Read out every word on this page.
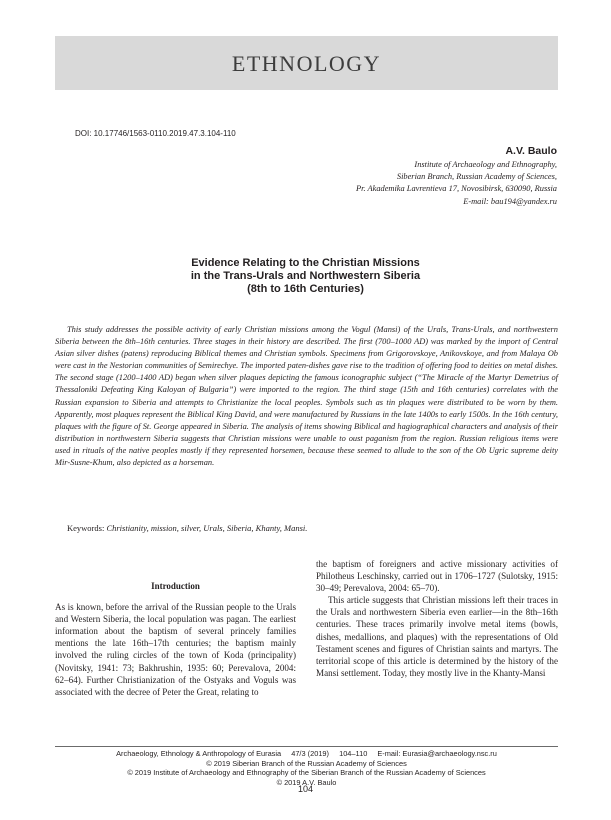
ETHNOLOGY
DOI: 10.17746/1563-0110.2019.47.3.104-110
A.V. Baulo
Institute of Archaeology and Ethnography,
Siberian Branch, Russian Academy of Sciences,
Pr. Akademika Lavrentieva 17, Novosibirsk, 630090, Russia
E-mail: bau194@yandex.ru
Evidence Relating to the Christian Missions
in the Trans-Urals and Northwestern Siberia
(8th to 16th Centuries)
This study addresses the possible activity of early Christian missions among the Vogul (Mansi) of the Urals, Trans-Urals, and northwestern Siberia between the 8th–16th centuries. Three stages in their history are described. The first (700–1000 AD) was marked by the import of Central Asian silver dishes (patens) reproducing Biblical themes and Christian symbols. Specimens from Grigorovskoye, Anikovskoye, and from Malaya Ob were cast in the Nestorian communities of Semirechye. The imported paten-dishes gave rise to the tradition of offering food to deities on metal dishes. The second stage (1200–1400 AD) began when silver plaques depicting the famous iconographic subject (“The Miracle of the Martyr Demetrius of Thessaloniki Defeating King Kaloyan of Bulgaria”) were imported to the region. The third stage (15th and 16th centuries) correlates with the Russian expansion to Siberia and attempts to Christianize the local peoples. Symbols such as tin plaques were distributed to be worn by them. Apparently, most plaques represent the Biblical King David, and were manufactured by Russians in the late 1400s to early 1500s. In the 16th century, plaques with the figure of St. George appeared in Siberia. The analysis of items showing Biblical and hagiographical characters and analysis of their distribution in northwestern Siberia suggests that Christian missions were unable to oust paganism from the region. Russian religious items were used in rituals of the native peoples mostly if they represented horsemen, because these seemed to allude to the son of the Ob Ugric supreme deity Mir-Susne-Khum, also depicted as a horseman.
Keywords: Christianity, mission, silver, Urals, Siberia, Khanty, Mansi.
Introduction
As is known, before the arrival of the Russian people to the Urals and Western Siberia, the local population was pagan. The earliest information about the baptism of several princely families mentions the late 16th–17th centuries; the baptism mainly involved the ruling circles of the town of Koda (principality) (Novitsky, 1941: 73; Bakhrushin, 1935: 60; Perevalova, 2004: 62–64). Further Christianization of the Ostyaks and Voguls was associated with the decree of Peter the Great, relating to
the baptism of foreigners and active missionary activities of Philotheus Leschinsky, carried out in 1706–1727 (Sulotsky, 1915: 30–49; Perevalova, 2004: 65–70).
This article suggests that Christian missions left their traces in the Urals and northwestern Siberia even earlier—in the 8th–16th centuries. These traces primarily involve metal items (bowls, dishes, medallions, and plaques) with the representations of Old Testament scenes and figures of Christian saints and martyrs. The territorial scope of this article is determined by the history of the Mansi settlement. Today, they mostly live in the Khanty-Mansi
Archaeology, Ethnology & Anthropology of Eurasia 47/3 (2019) 104–110 E-mail: Eurasia@archaeology.nsc.ru
© 2019 Siberian Branch of the Russian Academy of Sciences
© 2019 Institute of Archaeology and Ethnography of the Siberian Branch of the Russian Academy of Sciences
© 2019 A.V. Baulo
104
